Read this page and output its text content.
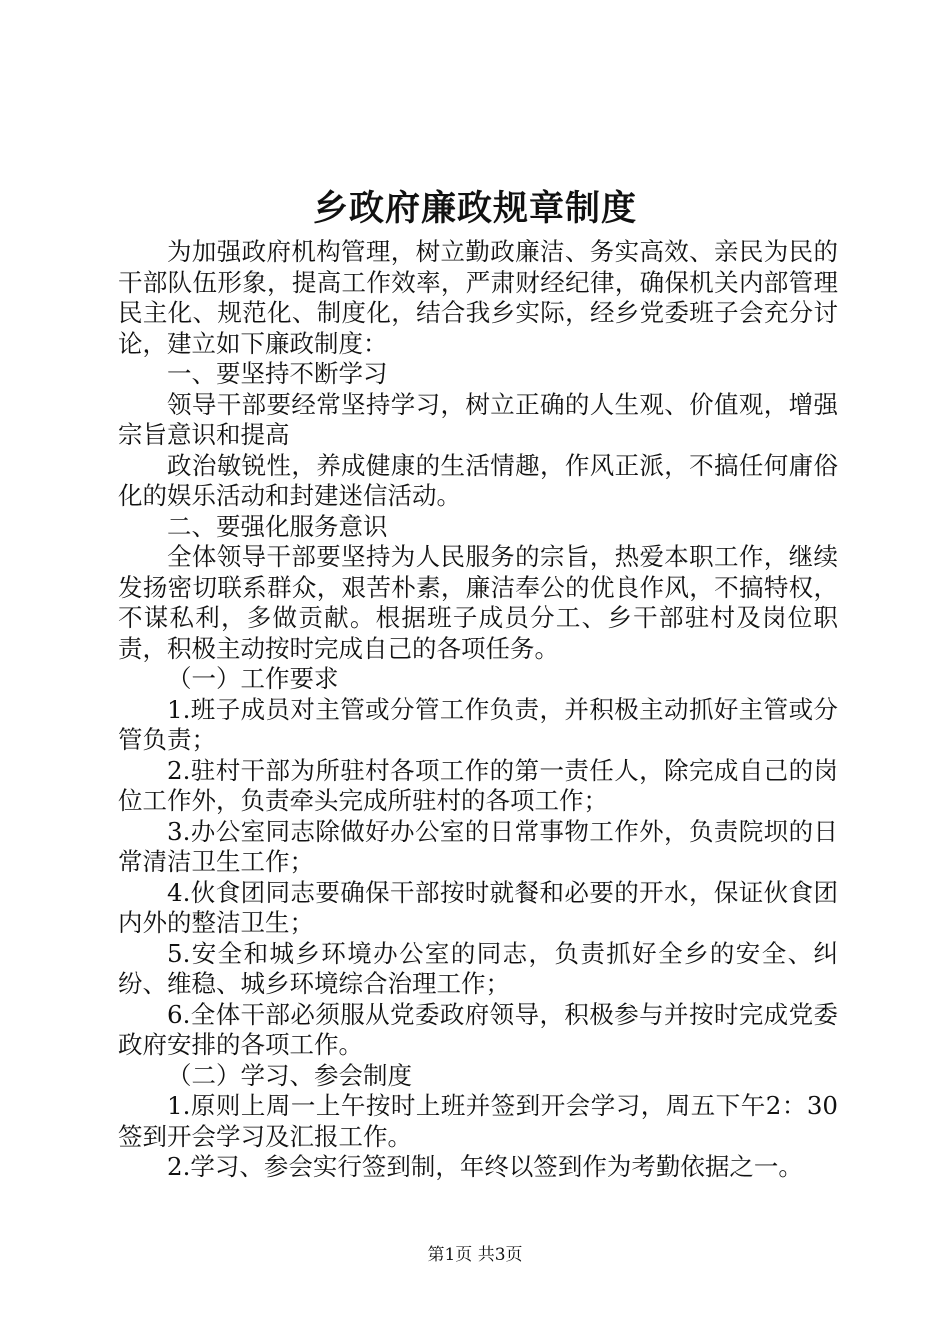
乡政府廉政规章制度

为加强政府机构管理，树立勤政廉洁、务实高效、亲民为民的干部队伍形象，提高工作效率，严肃财经纪律，确保机关内部管理民主化、规范化、制度化，结合我乡实际，经乡党委班子会充分讨论，建立如下廉政制度：

一、要坚持不断学习

领导干部要经常坚持学习，树立正确的人生观、价值观，增强宗旨意识和提高

政治敏锐性，养成健康的生活情趣，作风正派，不搞任何庸俗化的娱乐活动和封建迷信活动。

二、要强化服务意识

全体领导干部要坚持为人民服务的宗旨，热爱本职工作，继续发扬密切联系群众，艰苦朴素，廉洁奉公的优良作风，不搞特权，不谋私利，多做贡献。根据班子成员分工、乡干部驻村及岗位职责，积极主动按时完成自己的各项任务。

（一）工作要求

1.班子成员对主管或分管工作负责，并积极主动抓好主管或分管负责；

2.驻村干部为所驻村各项工作的第一责任人，除完成自己的岗位工作外，负责牵头完成所驻村的各项工作；

3.办公室同志除做好办公室的日常事物工作外，负责院坝的日常清洁卫生工作；

4.伙食团同志要确保干部按时就餐和必要的开水，保证伙食团内外的整洁卫生；

5.安全和城乡环境办公室的同志，负责抓好全乡的安全、纠纷、维稳、城乡环境综合治理工作；

6.全体干部必须服从党委政府领导，积极参与并按时完成党委政府安排的各项工作。

（二）学习、参会制度

1.原则上周一上午按时上班并签到开会学习，周五下午2：30签到开会学习及汇报工作。

2.学习、参会实行签到制，年终以签到作为考勤依据之一。

第1页 共3页
